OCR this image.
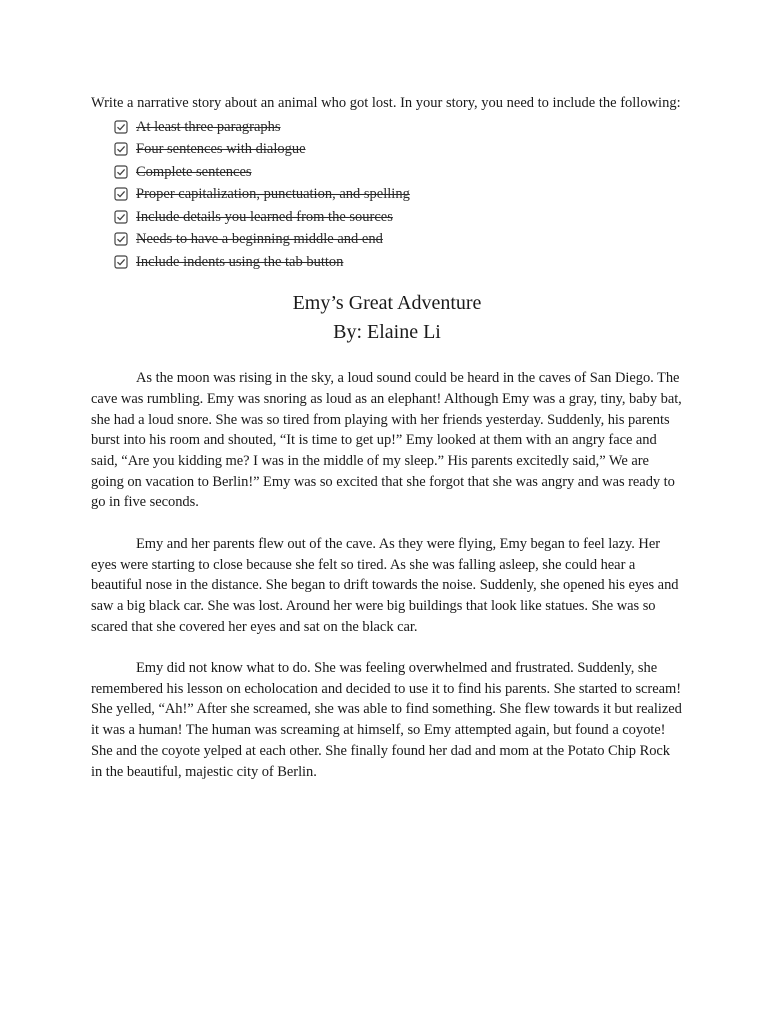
Write a narrative story about an animal who got lost. In your story, you need to include the following:

At least three paragraphs
Four sentences with dialogue
Complete sentences
Proper capitalization, punctuation, and spelling
Include details you learned from the sources
Needs to have a beginning middle and end
Include indents using the tab button
Emy’s Great Adventure
By: Elaine Li

As the moon was rising in the sky, a loud sound could be heard in the caves of San Diego. The cave was rumbling. Emy was snoring as loud as an elephant! Although Emy was a gray, tiny, baby bat, she had a loud snore. She was so tired from playing with her friends yesterday. Suddenly, his parents burst into his room and shouted, “It is time to get up!” Emy looked at them with an angry face and said, “Are you kidding me? I was in the middle of my sleep.” His parents excitedly said,” We are going on vacation to Berlin!” Emy was so excited that she forgot that she was angry and was ready to go in five seconds.

Emy and her parents flew out of the cave. As they were flying, Emy began to feel lazy. Her eyes were starting to close because she felt so tired. As she was falling asleep, she could hear a beautiful nose in the distance. She began to drift towards the noise. Suddenly, she opened his eyes and saw a big black car. She was lost. Around her were big buildings that look like statues. She was so scared that she covered her eyes and sat on the black car.

Emy did not know what to do. She was feeling overwhelmed and frustrated. Suddenly, she remembered his lesson on echolocation and decided to use it to find his parents. She started to scream! She yelled, “Ah!” After she screamed, she was able to find something. She flew towards it but realized it was a human! The human was screaming at himself, so Emy attempted again, but found a coyote! She and the coyote yelped at each other. She finally found her dad and mom at the Potato Chip Rock in the beautiful, majestic city of Berlin.
